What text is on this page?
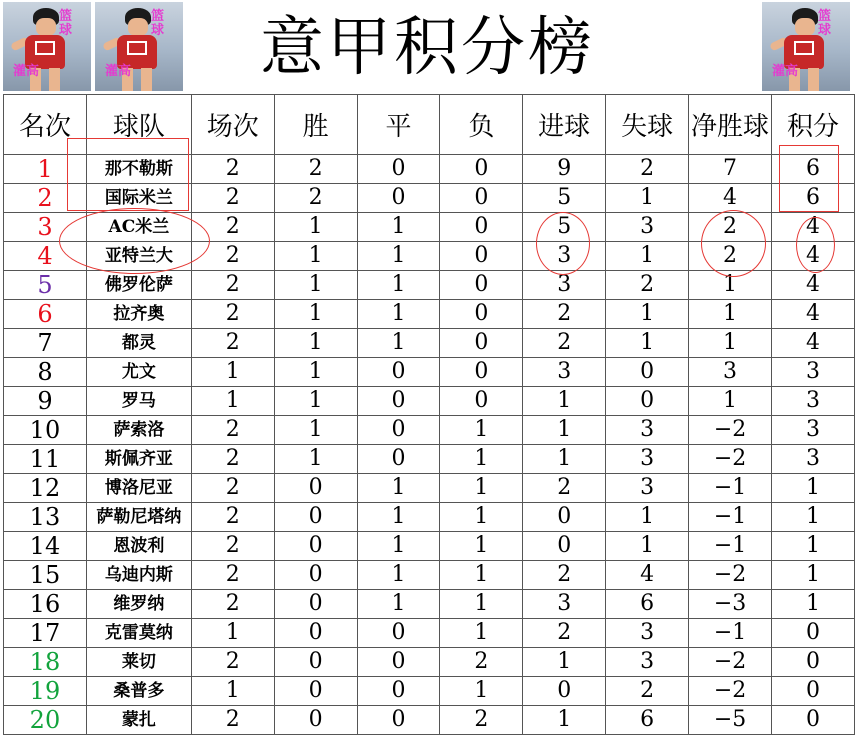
篮球
灌高
篮球
灌高	意甲积分榜	篮球
灌高
名次	球队	场次	胜	平	负	进球	失球	净胜球	积分
1	那不勒斯	2	2	0	0	9	2	7	6
2	国际米兰	2	2	0	0	5	1	4	6
3	AC米兰	2	1	1	0	5	3	2	4
4	亚特兰大	2	1	1	0	3	1	2	4
5	佛罗伦萨	2	1	1	0	3	2	1	4
6	拉齐奥	2	1	1	0	2	1	1	4
7	都灵	2	1	1	0	2	1	1	4
8	尤文	1	1	0	0	3	0	3	3
9	罗马	1	1	0	0	1	0	1	3
10	萨索洛	2	1	0	1	1	3	−2	3
11	斯佩齐亚	2	1	0	1	1	3	−2	3
12	博洛尼亚	2	0	1	1	2	3	−1	1
13	萨勒尼塔纳	2	0	1	1	0	1	−1	1
14	恩波利	2	0	1	1	0	1	−1	1
15	乌迪内斯	2	0	1	1	2	4	−2	1
16	维罗纳	2	0	1	1	3	6	−3	1
17	克雷莫纳	1	0	0	1	2	3	−1	0
18	莱切	2	0	0	2	1	3	−2	0
19	桑普多	1	0	0	1	0	2	−2	0
20	蒙扎	2	0	0	2	1	6	−5	0
